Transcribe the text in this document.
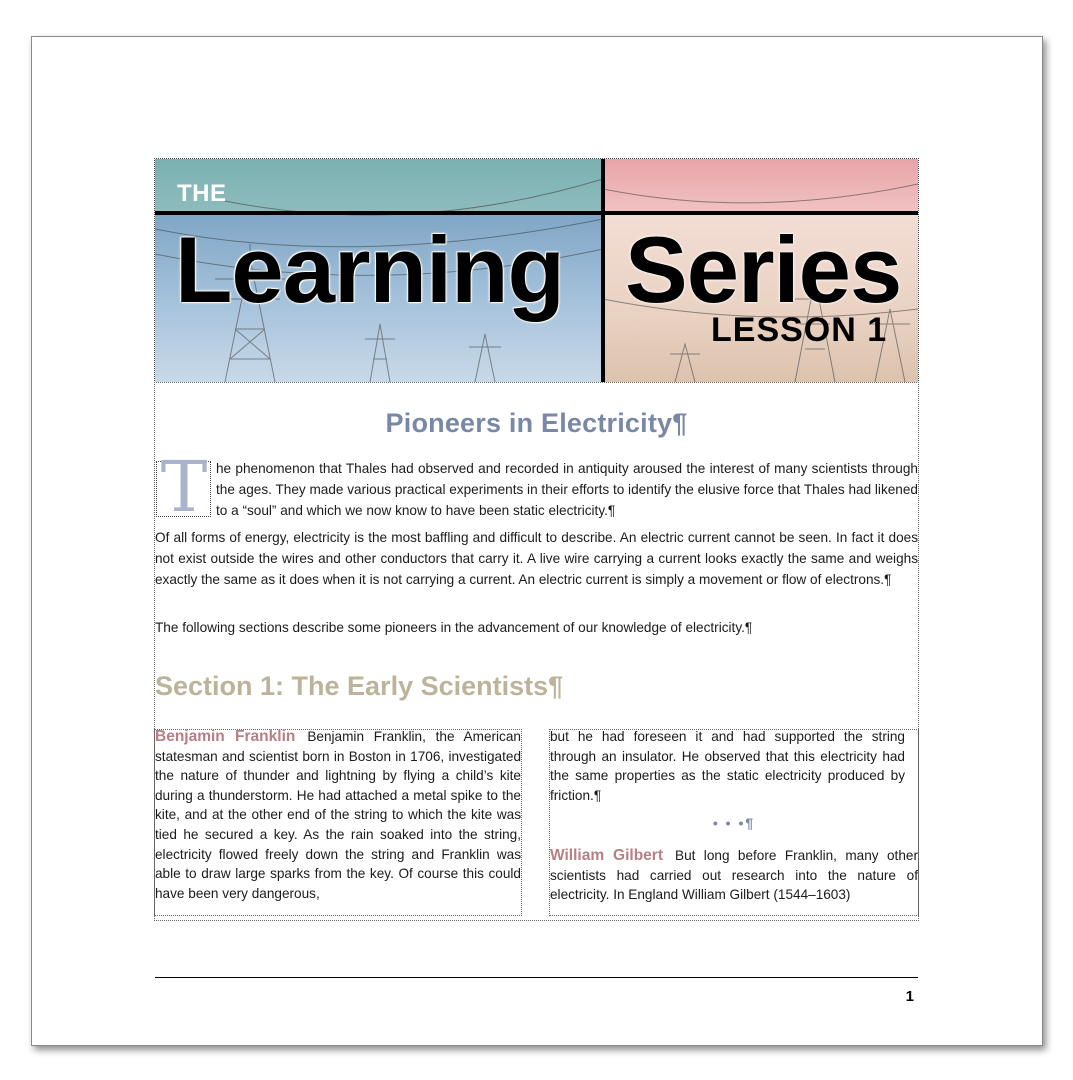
THE

Learning Series

LESSON 1

Pioneers in Electricity¶

T he phenomenon that Thales had observed and recorded in antiquity aroused the interest of many scientists through the ages. They made various practical experiments in their efforts to identify the elusive force that Thales had likened to a “soul” and which we now know to have been static electricity.¶

Of all forms of energy, electricity is the most baffling and difficult to describe. An electric current cannot be seen. In fact it does not exist outside the wires and other conductors that carry it. A live wire carrying a current looks exactly the same and weighs exactly the same as it does when it is not carrying a current. An electric current is simply a movement or flow of electrons.¶

The following sections describe some pioneers in the advancement of our knowledge of electricity.¶

Section 1: The Early Scientists¶

Benjamin Franklin Benjamin Franklin, the American statesman and scientist born in Boston in 1706, investigated the nature of thunder and lightning by flying a child’s kite during a thunderstorm. He had attached a metal spike to the kite, and at the other end of the string to which the kite was tied he secured a key. As the rain soaked into the string, electricity flowed freely down the string and Franklin was able to draw large sparks from the key. Of course this could have been very dangerous,

but he had foreseen it and had supported the string through an insulator. He observed that this electricity had the same properties as the static electricity produced by friction.¶

• • •¶

William Gilbert But long before Franklin, many other scientists had carried out research into the nature of electricity. In England William Gilbert (1544–1603)

1
